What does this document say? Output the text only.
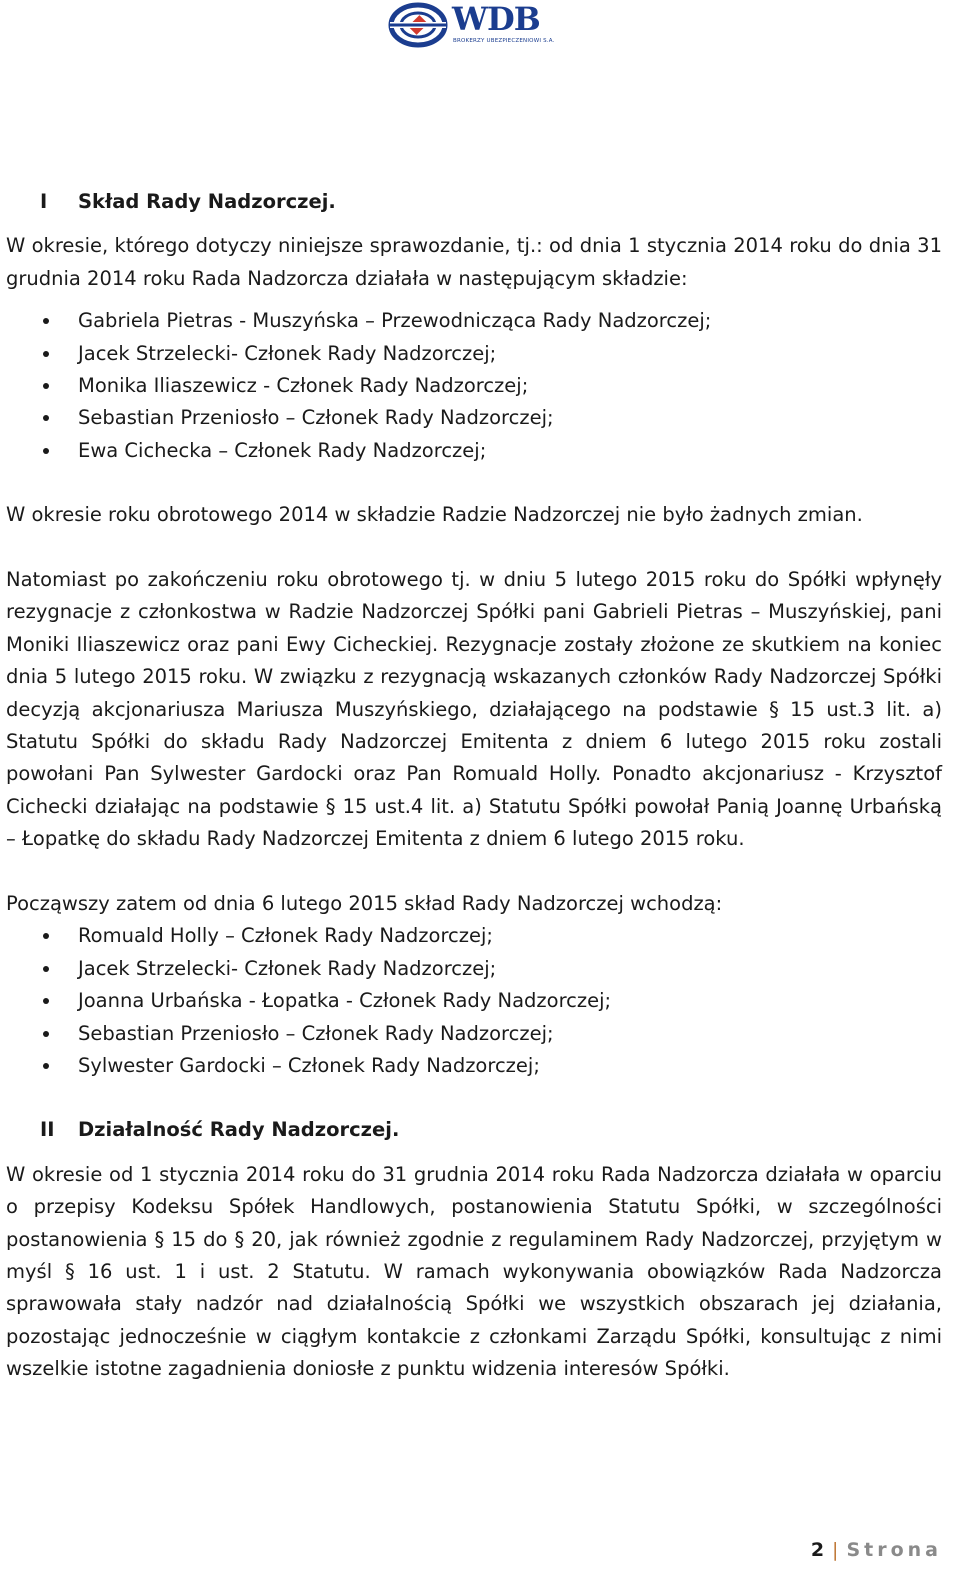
WDB
BROKERZY UBEZPIECZENIOWI S.A.
I Skład Rady Nadzorczej.

W okresie, którego dotyczy niniejsze sprawozdanie, tj.: od dnia 1 stycznia 2014 roku do dnia 31 grudnia 2014 roku Rada Nadzorcza działała w następującym składzie:

Gabriela Pietras - Muszyńska – Przewodnicząca Rady Nadzorczej;
Jacek Strzelecki- Członek Rady Nadzorczej;
Monika Iliaszewicz - Członek Rady Nadzorczej;
Sebastian Przeniosło – Członek Rady Nadzorczej;
Ewa Cichecka – Członek Rady Nadzorczej;

W okresie roku obrotowego 2014 w składzie Radzie Nadzorczej nie było żadnych zmian.

Natomiast po zakończeniu roku obrotowego tj. w dniu 5 lutego 2015 roku do Spółki wpłynęły rezygnacje z członkostwa w Radzie Nadzorczej Spółki pani Gabrieli Pietras – Muszyńskiej, pani Moniki Iliaszewicz oraz pani Ewy Cicheckiej. Rezygnacje zostały złożone ze skutkiem na koniec dnia 5 lutego 2015 roku. W związku z rezygnacją wskazanych członków Rady Nadzorczej Spółki decyzją akcjonariusza Mariusza Muszyńskiego, działającego na podstawie § 15 ust.3 lit. a) Statutu Spółki do składu Rady Nadzorczej Emitenta z dniem 6 lutego 2015 roku zostali powołani Pan Sylwester Gardocki oraz Pan Romuald Holly. Ponadto akcjonariusz - Krzysztof Cichecki działając na podstawie § 15 ust.4 lit. a) Statutu Spółki powołał Panią Joannę Urbańską – Łopatkę do składu Rady Nadzorczej Emitenta z dniem 6 lutego 2015 roku.

Począwszy zatem od dnia 6 lutego 2015 skład Rady Nadzorczej wchodzą:

Romuald Holly – Członek Rady Nadzorczej;
Jacek Strzelecki- Członek Rady Nadzorczej;
Joanna Urbańska - Łopatka - Członek Rady Nadzorczej;
Sebastian Przeniosło – Członek Rady Nadzorczej;
Sylwester Gardocki – Członek Rady Nadzorczej;
II Działalność Rady Nadzorczej.

W okresie od 1 stycznia 2014 roku do 31 grudnia 2014 roku Rada Nadzorcza działała w oparciu o przepisy Kodeksu Spółek Handlowych, postanowienia Statutu Spółki, w szczególności postanowienia § 15 do § 20, jak również zgodnie z regulaminem Rady Nadzorczej, przyjętym w myśl § 16 ust. 1 i ust. 2 Statutu. W ramach wykonywania obowiązków Rada Nadzorcza sprawowała stały nadzór nad działalnością Spółki we wszystkich obszarach jej działania, pozostając jednocześnie w ciągłym kontakcie z członkami Zarządu Spółki, konsultując z nimi wszelkie istotne zagadnienia doniosłe z punktu widzenia interesów Spółki.

2 | Strona
